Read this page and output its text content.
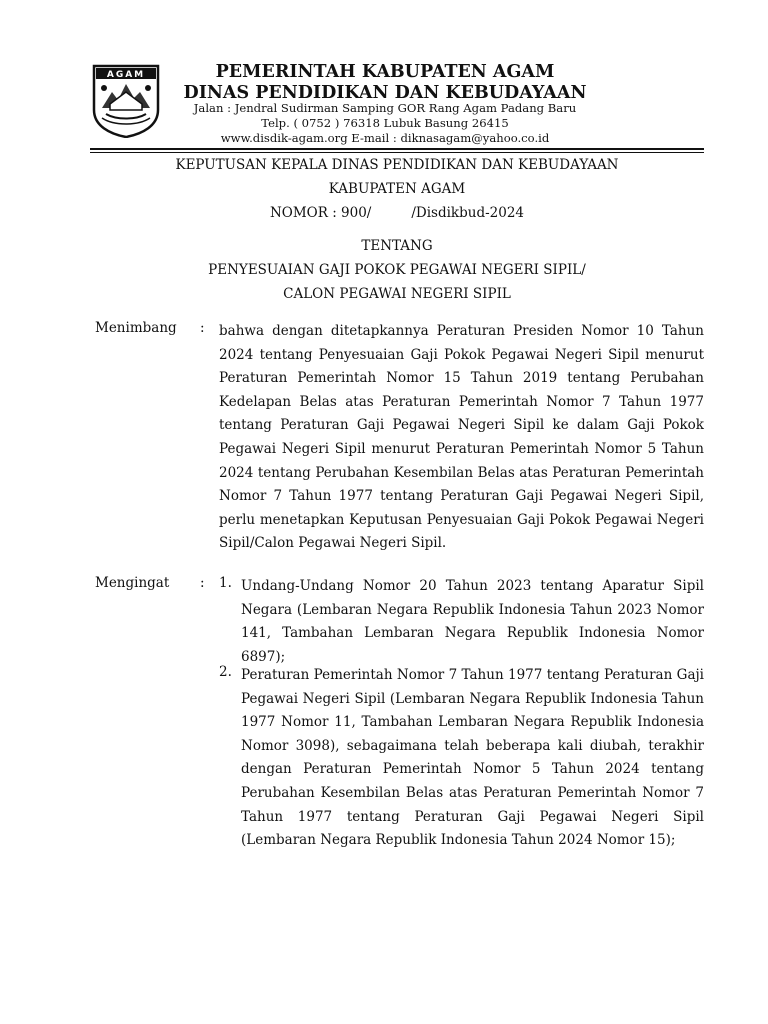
AGAM	PEMERINTAH KABUPATEN AGAM
DINAS PENDIDIKAN DAN KEBUDAYAAN
Jalan : Jendral Sudirman Samping GOR Rang Agam Padang Baru
Telp. ( 0752 ) 76318 Lubuk Basung 26415
www.disdik-agam.org E-mail : diknasagam@yahoo.co.id
KEPUTUSAN KEPALA DINAS PENDIDIKAN DAN KEBUDAYAAN
KABUPATEN AGAM
NOMOR : 900/	/Disdikbud-2024
TENTANG
PENYESUAIAN GAJI POKOK PEGAWAI NEGERI SIPIL/
CALON PEGAWAI NEGERI SIPIL
Menimbang : bahwa dengan ditetapkannya Peraturan Presiden Nomor 10 Tahun 2024 tentang Penyesuaian Gaji Pokok Pegawai Negeri Sipil menurut Peraturan Pemerintah Nomor 15 Tahun 2019 tentang Perubahan Kedelapan Belas atas Peraturan Pemerintah Nomor 7 Tahun 1977 tentang Peraturan Gaji Pegawai Negeri Sipil ke dalam Gaji Pokok Pegawai Negeri Sipil menurut Peraturan Pemerintah Nomor 5 Tahun 2024 tentang Perubahan Kesembilan Belas atas Peraturan Pemerintah Nomor 7 Tahun 1977 tentang Peraturan Gaji Pegawai Negeri Sipil, perlu menetapkan Keputusan Penyesuaian Gaji Pokok Pegawai Negeri Sipil/Calon Pegawai Negeri Sipil.

Mengingat : 1. Undang-Undang Nomor 20 Tahun 2023 tentang Aparatur Sipil Negara (Lembaran Negara Republik Indonesia Tahun 2023 Nomor 141, Tambahan Lembaran Negara Republik Indonesia Nomor 6897);

2. Peraturan Pemerintah Nomor 7 Tahun 1977 tentang Peraturan Gaji Pegawai Negeri Sipil (Lembaran Negara Republik Indonesia Tahun 1977 Nomor 11, Tambahan Lembaran Negara Republik Indonesia Nomor 3098), sebagaimana telah beberapa kali diubah, terakhir dengan Peraturan Pemerintah Nomor 5 Tahun 2024 tentang Perubahan Kesembilan Belas atas Peraturan Pemerintah Nomor 7 Tahun 1977 tentang Peraturan Gaji Pegawai Negeri Sipil (Lembaran Negara Republik Indonesia Tahun 2024 Nomor 15);
